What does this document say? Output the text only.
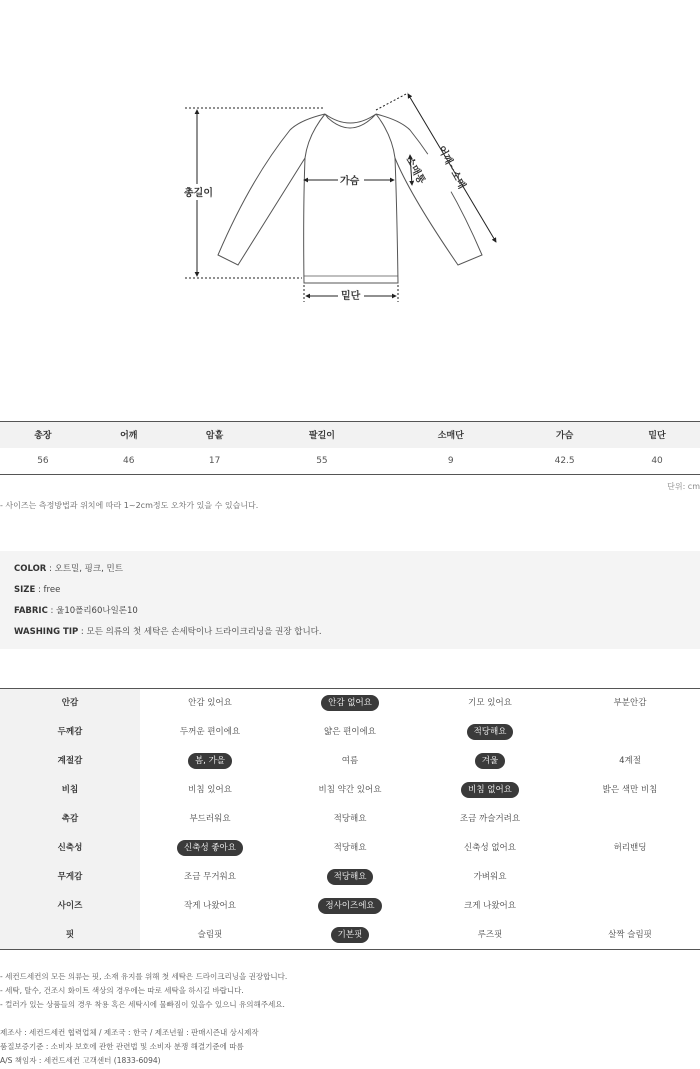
총길이
가슴
밑단
소매통 어깨~소매
총장	어깨	암홀	팔길이	소매단	가슴	밑단
56	46	17	55	9	42.5	40
단위: cm
- 사이즈는 측정방법과 위치에 따라 1~2cm정도 오차가 있을 수 있습니다.
COLOR : 오트밀, 핑크, 민트
SIZE : free
FABRIC : 울10폴리60나일론10
WASHING TIP : 모든 의류의 첫 세탁은 손세탁이나 드라이크리닝을 권장 합니다.
안감	안감 있어요	안감 없어요	기모 있어요	부분안감
두께감	두꺼운 편이에요	얇은 편이에요	적당해요	
계절감	봄, 가을	여름	겨울	4계절
비침	비침 있어요	비침 약간 있어요	비침 없어요	밝은 색만 비침
촉감	부드러워요	적당해요	조금 까슬거려요	
신축성	신축성 좋아요	적당해요	신축성 없어요	허리밴딩
무게감	조금 무거워요	적당해요	가벼워요	
사이즈	작게 나왔어요	정사이즈에요	크게 나왔어요	
핏	슬림핏	기본핏	루즈핏	살짝 슬림핏
- 세컨드세컨의 모든 의류는 핏, 소재 유지를 위해 첫 세탁은 드라이크리닝을 권장합니다.
- 세탁, 탈수, 건조시 화이트 색상의 경우에는 따로 세탁을 하시길 바랍니다.
- 컬러가 있는 상품들의 경우 착용 혹은 세탁시에 물빠짐이 있을수 있으니 유의해주세요.
제조사 : 세컨드세컨 협력업체 / 제조국 : 한국 / 제조년월 : 판매시즌내 상시제작
품질보증기준 : 소비자 보호에 관한 관련법 및 소비자 분쟁 해결기준에 따름
A/S 책임자 : 세컨드세컨 고객센터 (1833-6094)
